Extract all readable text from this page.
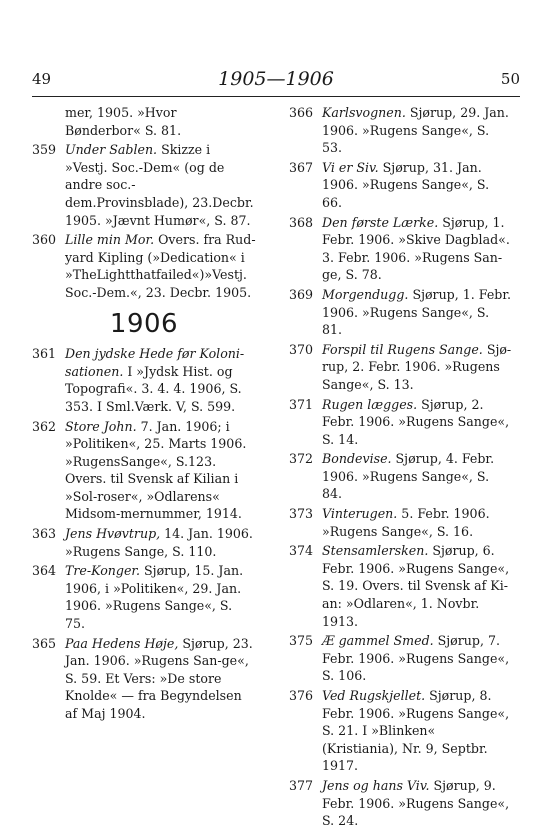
49	1905—1906	50

mer, 1905. »Hvor Bønderbor« S. 81.

359 Under Sablen. Skizze i »Vestj. Soc.‐Dem« (og de andre soc.‐dem.Provinsblade), 23.Decbr. 1905. »Jævnt Humør«, S. 87.

360 Lille min Mor. Overs. fra Rud‐yard Kipling (»Dedication« i »TheLightthatfailed«)»Vestj. Soc.‐Dem.«, 23. Decbr. 1905.

1906

361 Den jydske Hede før Koloni‐sationen. I »Jydsk Hist. og Topografi«. 3. 4. 4. 1906, S. 353. I Sml.Værk. V, S. 599.

362 Store John. 7. Jan. 1906; i »Politiken«, 25. Marts 1906. »RugensSange«, S.123. Overs. til Svensk af Kilian i »Sol‐roser«, »Odlarens« Midsom‐mernummer, 1914.

363 Jens Hvøvtrup, 14. Jan. 1906. »Rugens Sange, S. 110.

364 Tre‐Konger. Sjørup, 15. Jan. 1906, i »Politiken«, 29. Jan. 1906. »Rugens Sange«, S. 75.

365 Paa Hedens Høje, Sjørup, 23. Jan. 1906. »Rugens San‐ge«, S. 59. Et Vers: »De store Knolde« — fra Begyndelsen af Maj 1904.

366 Karlsvognen. Sjørup, 29. Jan. 1906. »Rugens Sange«, S. 53.

367 Vi er Siv. Sjørup, 31. Jan. 1906. »Rugens Sange«, S. 66.

368 Den første Lærke. Sjørup, 1. Febr. 1906. »Skive Dagblad«. 3. Febr. 1906. »Rugens San‐ge, S. 78.

369 Morgendugg. Sjørup, 1. Febr. 1906. »Rugens Sange«, S. 81.

370 Forspil til Rugens Sange. Sjø‐rup, 2. Febr. 1906. »Rugens Sange«, S. 13.

371 Rugen lægges. Sjørup, 2. Febr. 1906. »Rugens Sange«, S. 14.

372 Bondevise. Sjørup, 4. Febr. 1906. »Rugens Sange«, S. 84.

373 Vinterugen. 5. Febr. 1906. »Rugens Sange«, S. 16.

374 Stensamlersken. Sjørup, 6. Febr. 1906. »Rugens Sange«, S. 19. Overs. til Svensk af Ki‐an: »Odlaren«, 1. Novbr. 1913.

375 Æ gammel Smed. Sjørup, 7. Febr. 1906. »Rugens Sange«, S. 106.

376 Ved Rugskjellet. Sjørup, 8. Febr. 1906. »Rugens Sange«, S. 21. I »Blinken« (Kristiania), Nr. 9, Septbr. 1917.

377 Jens og hans Viv. Sjørup, 9. Febr. 1906. »Rugens Sange«, S. 24.
